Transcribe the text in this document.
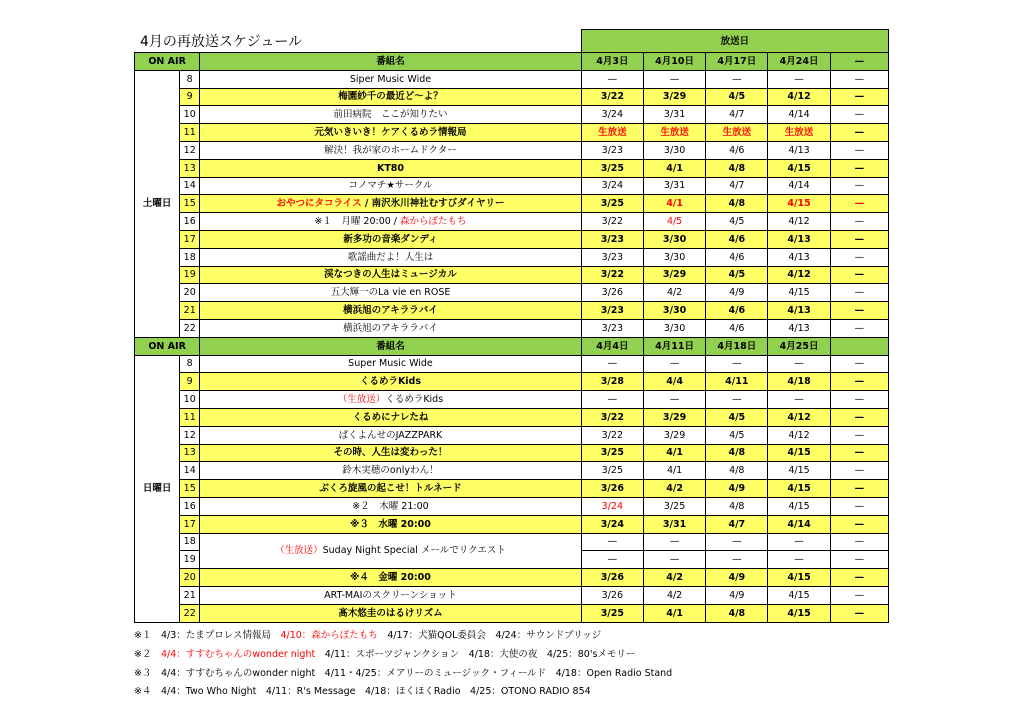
4月の再放送スケジュール
			放送日				
ON AIR		番組名	4月3日	4月10日	4月17日	4月24日	—
土曜日	8	Siper Music Wide	—	—	—	—	—
	9	梅園紗千の最近ど～よ？	3/22	3/29	4/5	4/12	—
	10	前田病院　ここが知りたい	3/24	3/31	4/7	4/14	—
	11	元気いきいき！ケアくるめラ情報局	生放送	生放送	生放送	生放送	—
	12	解決！我が家のホームドクター	3/23	3/30	4/6	4/13	—
	13	KT80	3/25	4/1	4/8	4/15	—
	14	コノマチ★サークル	3/24	3/31	4/7	4/14	—
	15	おやつにタコライス / 南沢氷川神社むすびダイヤリー	3/25	4/1	4/8	4/15	—
	16	※１　月曜 20:00 / 森からぼたもち	3/22	4/5	4/5	4/12	—
	17	新多功の音楽ダンディ	3/23	3/30	4/6	4/13	—
	18	歌謡曲だよ！人生は	3/23	3/30	4/6	4/13	—
	19	渓なつきの人生はミュージカル	3/22	3/29	4/5	4/12	—
	20	五大輝一のLa vie en ROSE	3/26	4/2	4/9	4/15	—
	21	横浜旭のアキララバイ	3/23	3/30	4/6	4/13	—
	22	横浜旭のアキララバイ	3/23	3/30	4/6	4/13	—
ON AIR		番組名	4月4日	4月11日	4月18日	4月25日	
日曜日	8	Super Music Wide	—	—	—	—	—
	9	くるめラKids	3/28	4/4	4/11	4/18	—
	10	（生放送）くるめラKids	—	—	—	—	—
	11	くるめにナレたね	3/22	3/29	4/5	4/12	—
	12	ぱくよんせのJAZZPARK	3/22	3/29	4/5	4/12	—
	13	その時、人生は変わった！	3/25	4/1	4/8	4/15	—
	14	鈴木実穂のonlyわん！	3/25	4/1	4/8	4/15	—
	15	ぶくろ旋風の起こせ！トルネード	3/26	4/2	4/9	4/15	—
	16	※２　木曜 21:00	3/24	3/25	4/8	4/15	—
	17	※３　水曜 20:00	3/24	3/31	4/7	4/14	—
	18	（生放送）Suday Night Special メールでリクエスト	—	—	—	—	—
	19		—	—	—	—	—
	20	※４　金曜 20:00	3/26	4/2	4/9	4/15	—
	21	ART-MAIのスクリーンショット	3/26	4/2	4/9	4/15	—
	22	髙木悠圭のはるけリズム	3/25	4/1	4/8	4/15	—
※１　4/3：たまプロレス情報局　4/10：森からぼたもち　4/17：犬猫QOL委員会　4/24：サウンドブリッジ
※２　4/4：すすむちゃんのwonder night　4/11：スポーツジャンクション　4/18：大使の夜　4/25：80'sメモリー
※３　4/4：すすむちゃんのwonder night　4/11・4/25：メアリーのミュージック・フィールド　4/18：Open Radio Stand
※４　4/4：Two Who Night　4/11：R's Message　4/18：ほくほくRadio　4/25：OTONO RADIO 854
